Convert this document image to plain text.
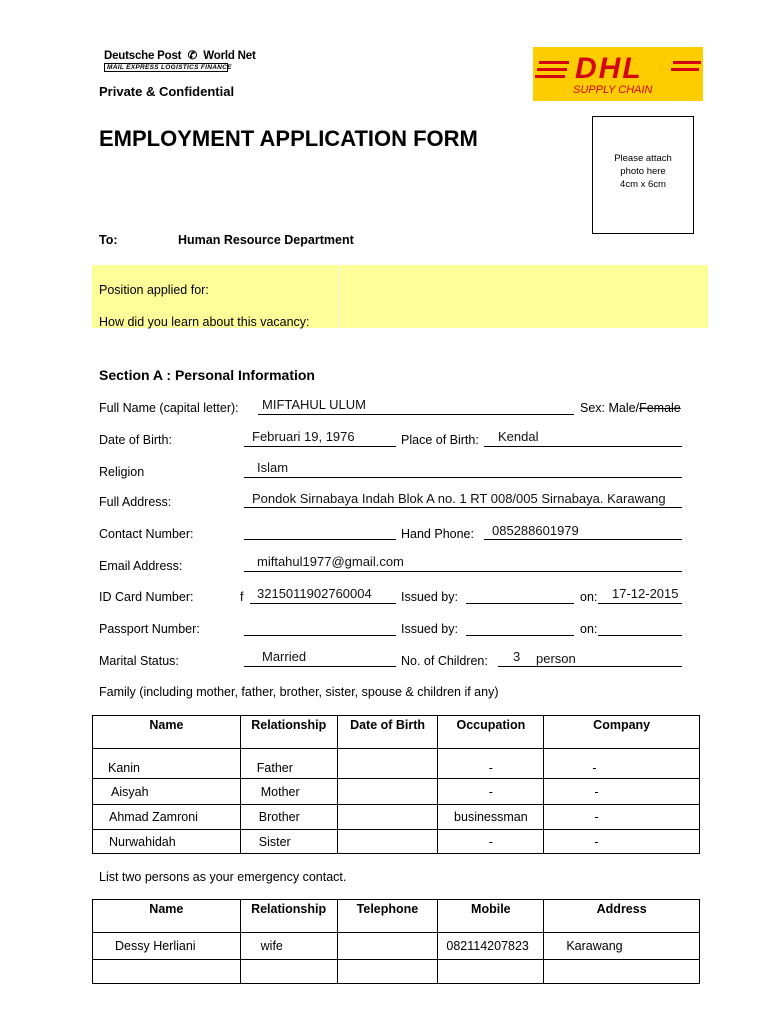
Deutsche Post ✆ World Net
MAIL EXPRESS LOGISTICS FINANCE	DHL
SUPPLY CHAIN
Private & Confidential
EMPLOYMENT APPLICATION FORM
Please attach
photo here
4cm x 6cm
To:	Human Resource Department
Position applied for:
How did you learn about this vacancy:
Section A : Personal Information
Full Name (capital letter): MIFTAHUL ULUM	Sex: Male/Female
Date of Birth:	Februari 19, 1976	Place of Birth: Kendal
Religion	Islam
Full Address:	Pondok Sirnabaya Indah Blok A no. 1 RT 008/005 Sirnabaya. Karawang
Contact Number:	Hand Phone: 085288601979
Email Address:	miftahul1977@gmail.com
ID Card Number:	f 3215011902760004 Issued by:	on: 17-12-2015
Passport Number:	Issued by:	on:
Marital Status:	Married	No. of Children: 3 person
Family (including mother, father, brother, sister, spouse & children if any)
Name	Relationship	Date of Birth	Occupation	Company
Kanin	Father		-	-
Aisyah	Mother		-	-
Ahmad Zamroni	Brother		businessman	-
Nurwahidah	Sister		-	-
List two persons as your emergency contact.
Name	Relationship	Telephone	Mobile	Address
Dessy Herliani	wife		082114207823	Karawang
